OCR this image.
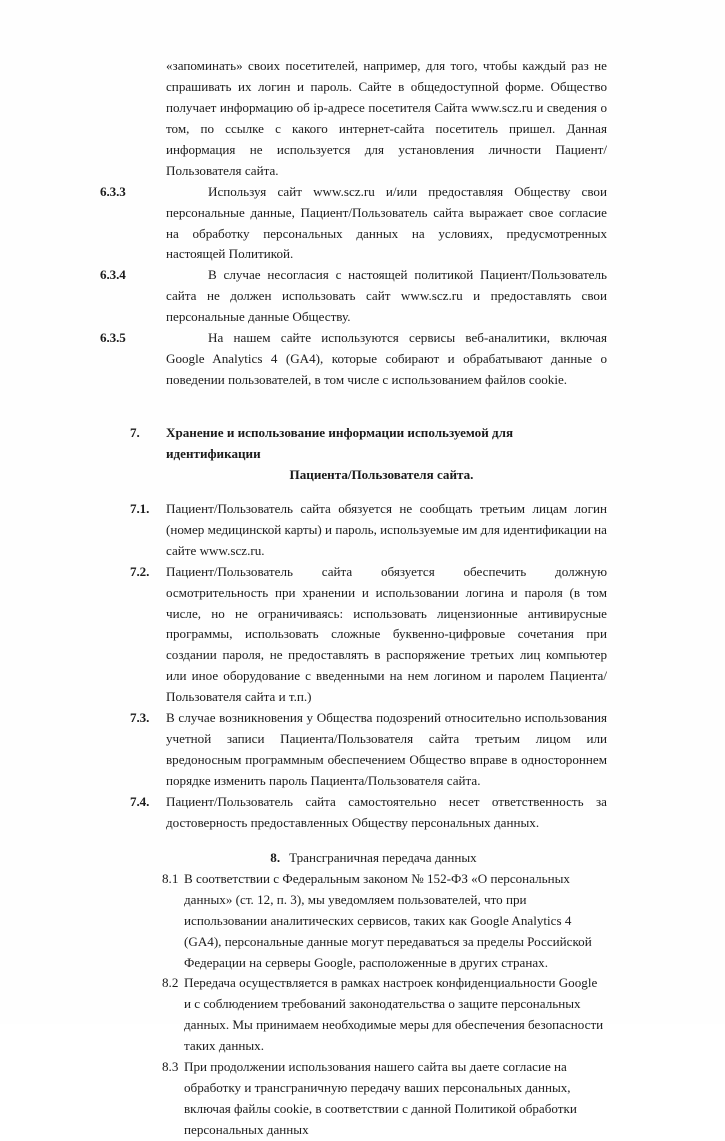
«запоминать» своих посетителей, например, для того, чтобы каждый раз не спрашивать их логин и пароль. Сайте в общедоступной форме. Общество получает информацию об ip-адресе посетителя Сайта www.scz.ru и сведения о том, по ссылке с какого интернет-сайта посетитель пришел. Данная информация не используется для установления личности Пациент/Пользователя сайта.

6.3.3	Используя сайт www.scz.ru и/или предоставляя Обществу свои персональные данные, Пациент/Пользователь сайта выражает свое согласие на обработку персональных данных на условиях, предусмотренных настоящей Политикой.
6.3.4	В случае несогласия с настоящей политикой Пациент/Пользователь сайта не должен использовать сайт www.scz.ru и предоставлять свои персональные данные Обществу.
6.3.5	На нашем сайте используются сервисы веб-аналитики, включая Google Analytics 4 (GA4), которые собирают и обрабатывают данные о поведении пользователей, в том числе с использованием файлов cookie.
7. Хранение и использование информации используемой для идентификации
Пациента/Пользователя сайта.
7.1. Пациент/Пользователь сайта обязуется не сообщать третьим лицам логин (номер медицинской карты) и пароль, используемые им для идентификации на сайте www.scz.ru.
7.2. Пациент/Пользователь сайта обязуется обеспечить должную осмотрительность при хранении и использовании логина и пароля (в том числе, но не ограничиваясь: использовать лицензионные антивирусные программы, использовать сложные буквенно-цифровые сочетания при создании пароля, не предоставлять в распоряжение третьих лиц компьютер или иное оборудование с введенными на нем логином и паролем Пациента/Пользователя сайта и т.п.)
7.3. В случае возникновения у Общества подозрений относительно использования учетной записи Пациента/Пользователя сайта третьим лицом или вредоносным программным обеспечением Общество вправе в одностороннем порядке изменить пароль Пациента/Пользователя сайта.
7.4. Пациент/Пользователь сайта самостоятельно несет ответственность за достоверность предоставленных Обществу персональных данных.
8. Трансграничная передача данных
8.1 В соответствии с Федеральным законом № 152-ФЗ «О персональных данных» (ст. 12, п. 3), мы уведомляем пользователей, что при использовании аналитических сервисов, таких как Google Analytics 4 (GA4), персональные данные могут передаваться за пределы Российской Федерации на серверы Google, расположенные в других странах.
8.2 Передача осуществляется в рамках настроек конфиденциальности Google и с соблюдением требований законодательства о защите персональных данных. Мы принимаем необходимые меры для обеспечения безопасности таких данных.
8.3 При продолжении использования нашего сайта вы даете согласие на обработку и трансграничную передачу ваших персональных данных, включая файлы cookie, в соответствии с данной Политикой обработки персональных данных
